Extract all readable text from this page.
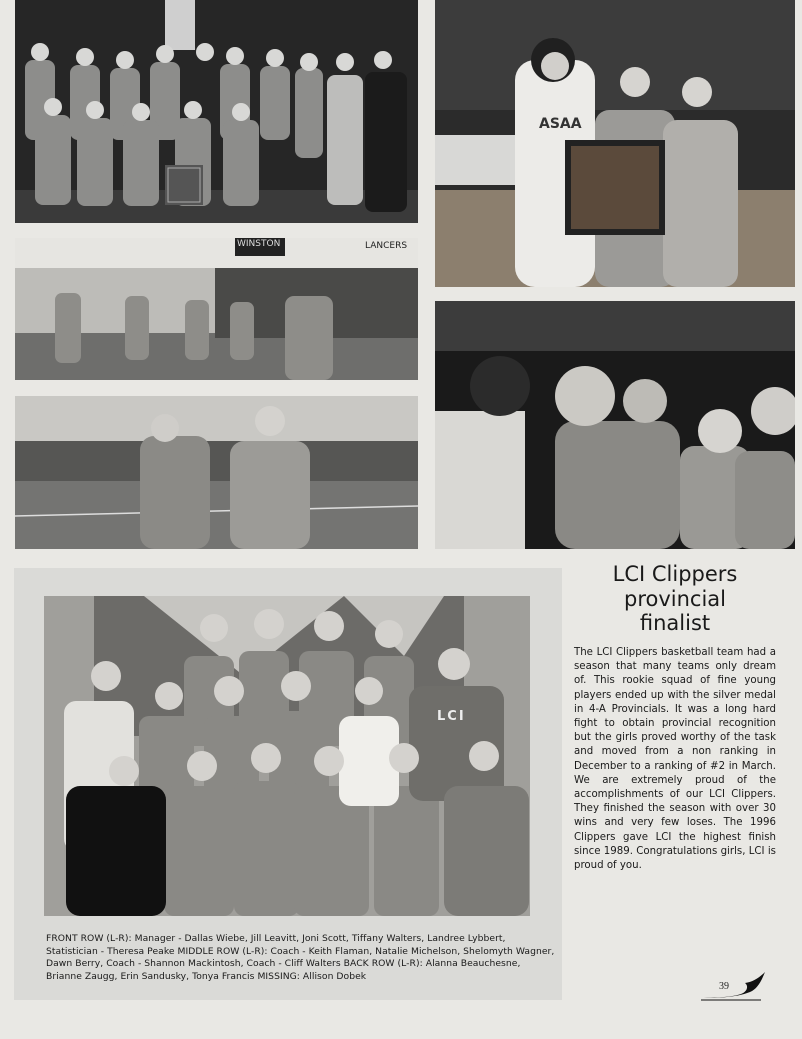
ASAA
WINSTON	LANCERS
LCI
FRONT ROW (L-R): Manager - Dallas Wiebe, Jill Leavitt, Joni Scott, Tiffany Walters, Landree Lybbert, Statistician - Theresa Peake MIDDLE ROW (L-R): Coach - Keith Flaman, Natalie Michelson, Shelomyth Wagner, Dawn Berry, Coach - Shannon Mackintosh, Coach - Cliff Walters BACK ROW (L-R): Alanna Beauchesne, Brianne Zaugg, Erin Sandusky, Tonya Francis MISSING: Allison Dobek
LCI Clippers
provincial
finalist
The LCI Clippers basketball team had a season that many teams only dream of. This rookie squad of fine young players ended up with the silver medal in 4-A Provincials. It was a long hard fight to obtain provincial recognition but the girls proved worthy of the task and moved from a non ranking in December to a ranking of #2 in March. We are extremely proud of the accomplishments of our LCI Clippers. They finished the season with over 30 wins and very few loses. The 1996 Clippers gave LCI the highest finish since 1989. Congratulations girls, LCI is proud of you.
39
